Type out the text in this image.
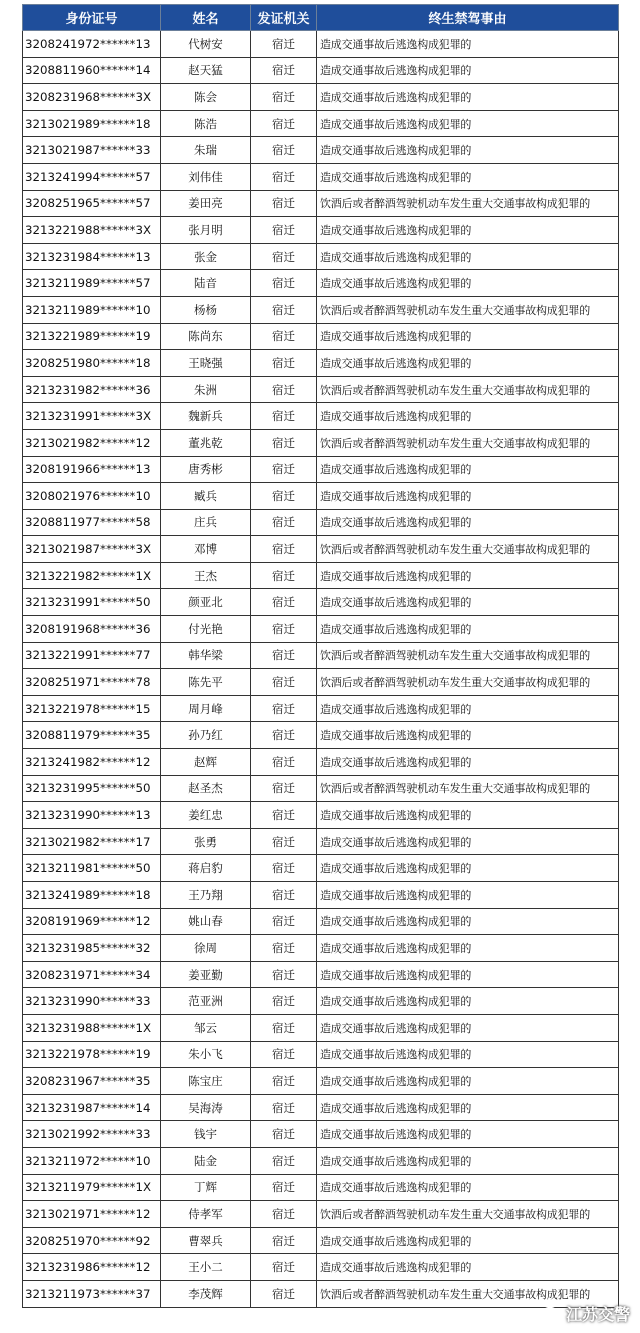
身份证号	姓名	发证机关	终生禁驾事由
3208241972******13	代树安	宿迁	造成交通事故后逃逸构成犯罪的
3208811960******14	赵天猛	宿迁	造成交通事故后逃逸构成犯罪的
3208231968******3X	陈会	宿迁	造成交通事故后逃逸构成犯罪的
3213021989******18	陈浩	宿迁	造成交通事故后逃逸构成犯罪的
3213021987******33	朱瑞	宿迁	造成交通事故后逃逸构成犯罪的
3213241994******57	刘伟佳	宿迁	造成交通事故后逃逸构成犯罪的
3208251965******57	姜田亮	宿迁	饮酒后或者醉酒驾驶机动车发生重大交通事故构成犯罪的
3213221988******3X	张月明	宿迁	造成交通事故后逃逸构成犯罪的
3213231984******13	张金	宿迁	造成交通事故后逃逸构成犯罪的
3213211989******57	陆音	宿迁	造成交通事故后逃逸构成犯罪的
3213211989******10	杨杨	宿迁	饮酒后或者醉酒驾驶机动车发生重大交通事故构成犯罪的
3213221989******19	陈尚东	宿迁	造成交通事故后逃逸构成犯罪的
3208251980******18	王晓强	宿迁	造成交通事故后逃逸构成犯罪的
3213231982******36	朱洲	宿迁	饮酒后或者醉酒驾驶机动车发生重大交通事故构成犯罪的
3213231991******3X	魏新兵	宿迁	造成交通事故后逃逸构成犯罪的
3213021982******12	董兆乾	宿迁	饮酒后或者醉酒驾驶机动车发生重大交通事故构成犯罪的
3208191966******13	唐秀彬	宿迁	造成交通事故后逃逸构成犯罪的
3208021976******10	臧兵	宿迁	造成交通事故后逃逸构成犯罪的
3208811977******58	庄兵	宿迁	造成交通事故后逃逸构成犯罪的
3213021987******3X	邓博	宿迁	饮酒后或者醉酒驾驶机动车发生重大交通事故构成犯罪的
3213221982******1X	王杰	宿迁	造成交通事故后逃逸构成犯罪的
3213231991******50	颜亚北	宿迁	造成交通事故后逃逸构成犯罪的
3208191968******36	付光艳	宿迁	造成交通事故后逃逸构成犯罪的
3213221991******77	韩华梁	宿迁	饮酒后或者醉酒驾驶机动车发生重大交通事故构成犯罪的
3208251971******78	陈先平	宿迁	饮酒后或者醉酒驾驶机动车发生重大交通事故构成犯罪的
3213221978******15	周月峰	宿迁	造成交通事故后逃逸构成犯罪的
3208811979******35	孙乃红	宿迁	造成交通事故后逃逸构成犯罪的
3213241982******12	赵辉	宿迁	造成交通事故后逃逸构成犯罪的
3213231995******50	赵圣杰	宿迁	饮酒后或者醉酒驾驶机动车发生重大交通事故构成犯罪的
3213231990******13	姜红忠	宿迁	造成交通事故后逃逸构成犯罪的
3213021982******17	张勇	宿迁	造成交通事故后逃逸构成犯罪的
3213211981******50	蒋启豹	宿迁	造成交通事故后逃逸构成犯罪的
3213241989******18	王乃翔	宿迁	造成交通事故后逃逸构成犯罪的
3208191969******12	姚山春	宿迁	造成交通事故后逃逸构成犯罪的
3213231985******32	徐周	宿迁	造成交通事故后逃逸构成犯罪的
3208231971******34	姜亚勤	宿迁	造成交通事故后逃逸构成犯罪的
3213231990******33	范亚洲	宿迁	造成交通事故后逃逸构成犯罪的
3213231988******1X	邹云	宿迁	造成交通事故后逃逸构成犯罪的
3213221978******19	朱小飞	宿迁	造成交通事故后逃逸构成犯罪的
3208231967******35	陈宝庄	宿迁	造成交通事故后逃逸构成犯罪的
3213231987******14	吴海涛	宿迁	造成交通事故后逃逸构成犯罪的
3213021992******33	钱宇	宿迁	造成交通事故后逃逸构成犯罪的
3213211972******10	陆金	宿迁	造成交通事故后逃逸构成犯罪的
3213211979******1X	丁辉	宿迁	造成交通事故后逃逸构成犯罪的
3213021971******12	侍孝军	宿迁	饮酒后或者醉酒驾驶机动车发生重大交通事故构成犯罪的
3208251970******92	曹翠兵	宿迁	造成交通事故后逃逸构成犯罪的
3213231986******12	王小二	宿迁	造成交通事故后逃逸构成犯罪的
3213211973******37	李茂辉	宿迁	饮酒后或者醉酒驾驶机动车发生重大交通事故构成犯罪的
江苏交警
